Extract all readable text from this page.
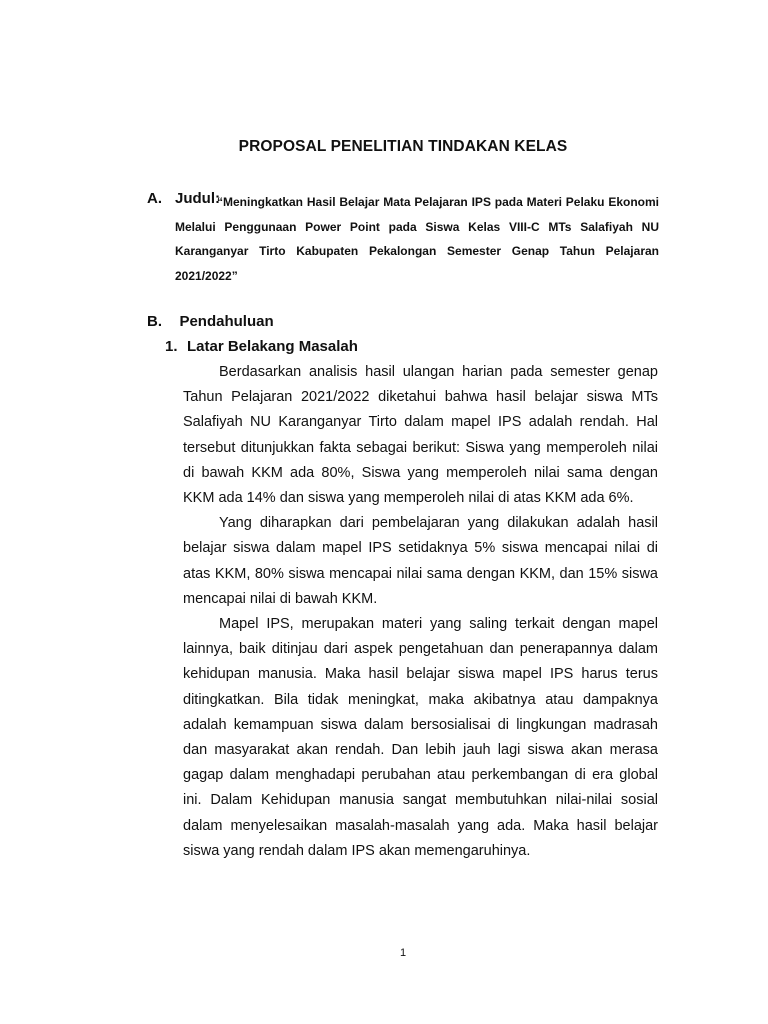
PROPOSAL PENELITIAN TINDAKAN KELAS
A. Judul:
“Meningkatkan Hasil Belajar Mata Pelajaran IPS pada Materi Pelaku Ekonomi Melalui Penggunaan Power Point pada Siswa Kelas VIII-C MTs Salafiyah NU Karanganyar Tirto Kabupaten Pekalongan Semester Genap Tahun Pelajaran 2021/2022”
B. Pendahuluan
1. Latar Belakang Masalah

Berdasarkan analisis hasil ulangan harian pada semester genap Tahun Pelajaran 2021/2022 diketahui bahwa hasil belajar siswa MTs Salafiyah NU Karanganyar Tirto dalam mapel IPS adalah rendah. Hal tersebut ditunjukkan fakta sebagai berikut: Siswa yang memperoleh nilai di bawah KKM ada 80%, Siswa yang memperoleh nilai sama dengan KKM ada 14% dan siswa yang memperoleh nilai di atas KKM ada 6%.

Yang diharapkan dari pembelajaran yang dilakukan adalah hasil belajar siswa dalam mapel IPS setidaknya 5% siswa mencapai nilai di atas KKM, 80% siswa mencapai nilai sama dengan KKM, dan 15% siswa mencapai nilai di bawah KKM.

Mapel IPS, merupakan materi yang saling terkait dengan mapel lainnya, baik ditinjau dari aspek pengetahuan dan penerapannya dalam kehidupan manusia. Maka hasil belajar siswa mapel IPS harus terus ditingkatkan. Bila tidak meningkat, maka akibatnya atau dampaknya adalah kemampuan siswa dalam bersosialisai di lingkungan madrasah dan masyarakat akan rendah. Dan lebih jauh lagi siswa akan merasa gagap dalam menghadapi perubahan atau perkembangan di era global ini. Dalam Kehidupan manusia sangat membutuhkan nilai-nilai sosial dalam menyelesaikan masalah-masalah yang ada. Maka hasil belajar siswa yang rendah dalam IPS akan memengaruhinya.

1
